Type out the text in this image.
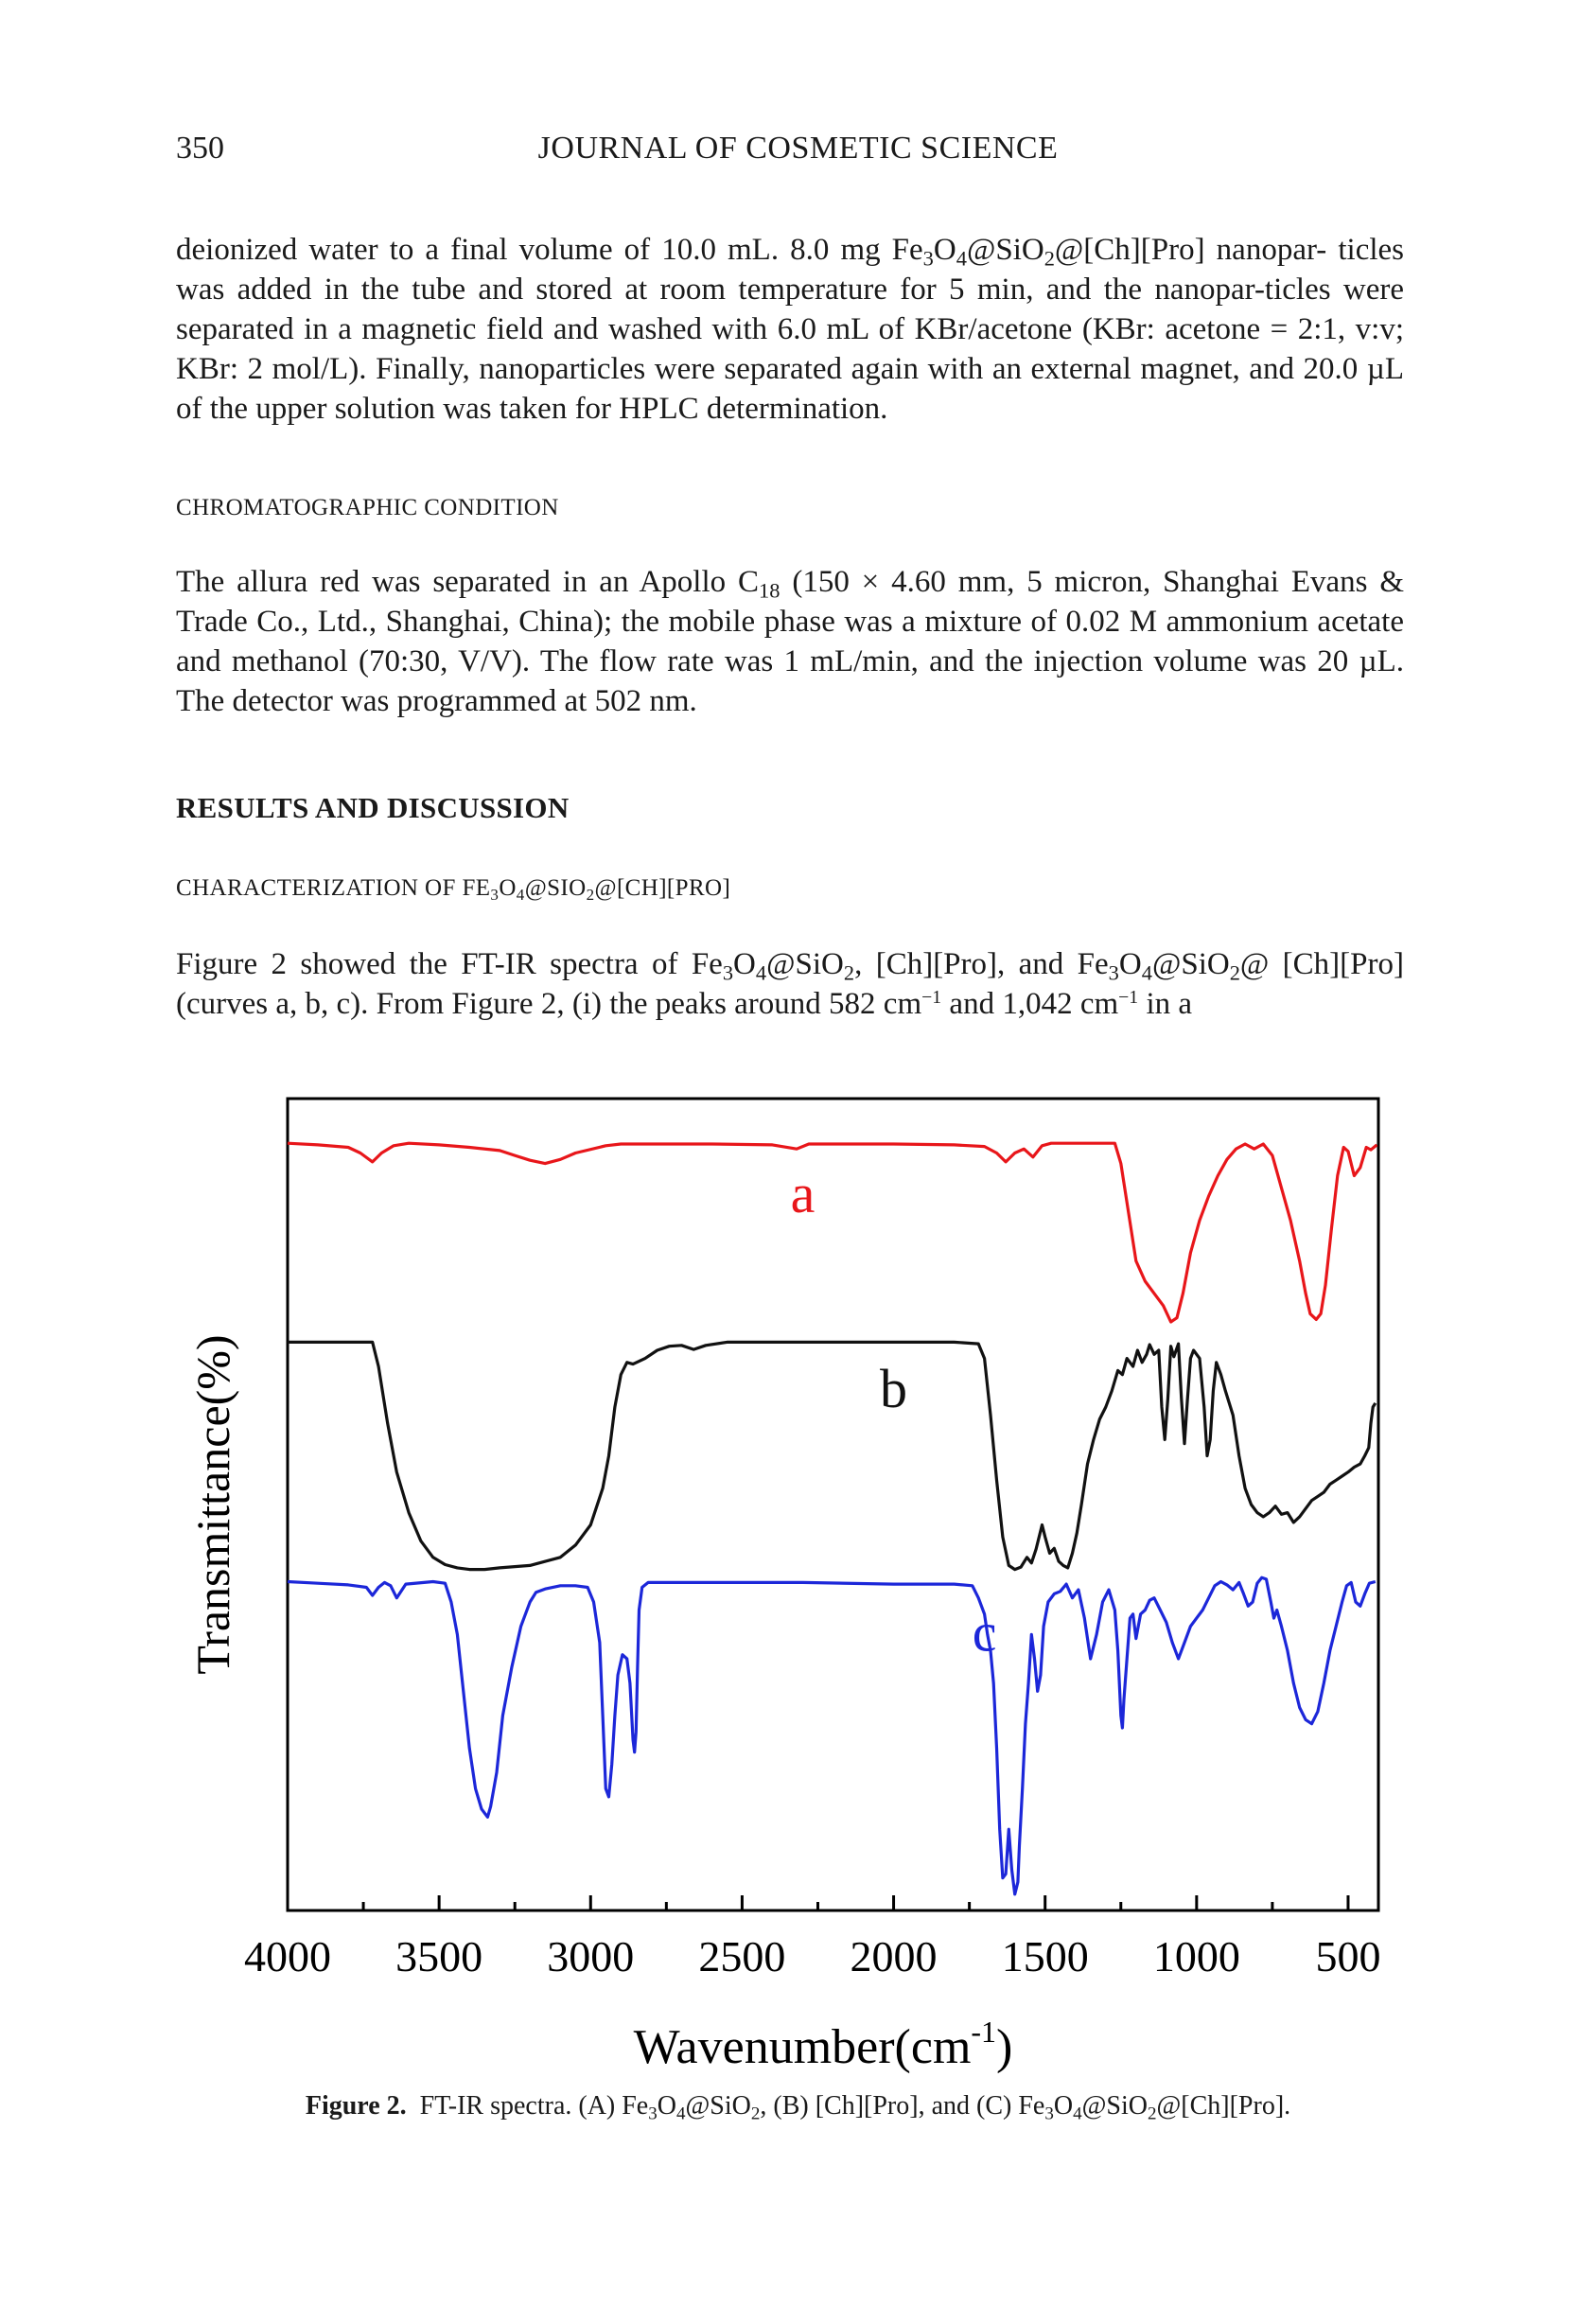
350	JOURNAL OF COSMETIC SCIENCE

deionized water to a final volume of 10.0 mL. 8.0 mg $Fe_3O_4@SiO_2@[Ch][Pro]$ nanopar- ticles was added in the tube and stored at room temperature for 5 min, and the nanopar-ticles were separated in a magnetic field and washed with 6.0 mL of KBr/acetone (KBr: acetone = 2:1, v:v; KBr: 2 mol/L). Finally, nanoparticles were separated again with an external magnet, and 20.0 µL of the upper solution was taken for HPLC determination.

CHROMATOGRAPHIC CONDITION

The allura red was separated in an Apollo $C_{18}$ (150 × 4.60 mm, 5 micron, Shanghai Evans & Trade Co., Ltd., Shanghai, China); the mobile phase was a mixture of 0.02 M ammonium acetate and methanol (70:30, V/V). The flow rate was 1 mL/min, and the injection volume was 20 µL. The detector was programmed at 502 nm.

RESULTS AND DISCUSSION

CHARACTERIZATION OF $FE_3O_4@SIO_2@[CH][PRO]$

Figure 2 showed the FT-IR spectra of $Fe_3O_4@SiO_2$, [Ch][Pro], and $Fe_3O_4@SiO_2@$ [Ch][Pro](curves a, b, c). From Figure 2, (i) the peaks around 582 $cm^{-1}$ and 1,042 $cm^{-1}$ in a

4000 3500 3000 2500 2000 1500 1000 500
a
b
c
Transmittance(%)
$Wavenumber(cm^{-1})$
Figure 2. FT-IR spectra. (A) $Fe_3O_4@SiO_2$, (B) [Ch][Pro], and (C) $Fe_3O_4@SiO_2@[Ch][Pro]$.
